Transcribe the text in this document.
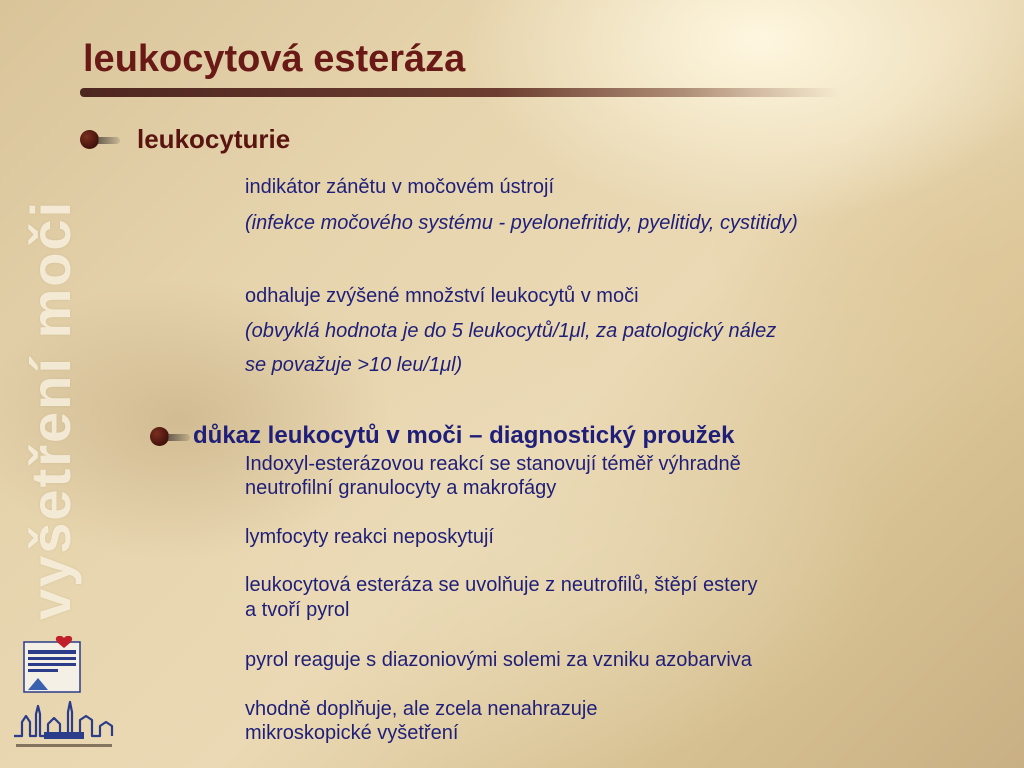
vyšetření moči
leukocytová esteráza
leukocyturie
indikátor zánětu v močovém ústrojí
(infekce močového systému - pyelonefritidy, pyelitidy, cystitidy)
odhaluje zvýšené množství leukocytů v moči
(obvyklá hodnota je do 5 leukocytů/1μl, za patologický nález
se považuje >10 leu/1μl)
důkaz leukocytů v moči – diagnostický proužek
Indoxyl-esterázovou reakcí se stanovují téměř výhradně
neutrofilní granulocyty a makrofágy
lymfocyty reakci neposkytují
leukocytová esteráza se uvolňuje z neutrofilů, štěpí estery
a tvoří pyrol
pyrol reaguje s diazoniovými solemi za vzniku azobarviva
vhodně doplňuje, ale zcela nenahrazuje
mikroskopické vyšetření
